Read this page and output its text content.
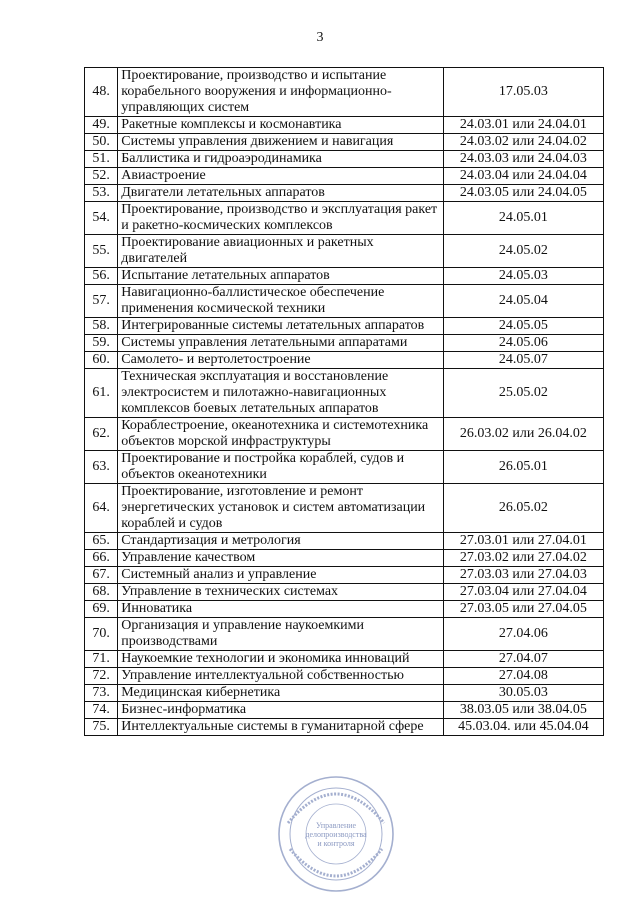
3
48.	Проектирование, производство и испытание корабельного вооружения и информационно-управляющих систем	17.05.03
49.	Ракетные комплексы и космонавтика	24.03.01 или 24.04.01
50.	Системы управления движением и навигация	24.03.02 или 24.04.02
51.	Баллистика и гидроаэродинамика	24.03.03 или 24.04.03
52.	Авиастроение	24.03.04 или 24.04.04
53.	Двигатели летательных аппаратов	24.03.05 или 24.04.05
54.	Проектирование, производство и эксплуатация ракет и ракетно-космических комплексов	24.05.01
55.	Проектирование авиационных и ракетных двигателей	24.05.02
56.	Испытание летательных аппаратов	24.05.03
57.	Навигационно-баллистическое обеспечение применения космической техники	24.05.04
58.	Интегрированные системы летательных аппаратов	24.05.05
59.	Системы управления летательными аппаратами	24.05.06
60.	Самолето- и вертолетостроение	24.05.07
61.	Техническая эксплуатация и восстановление электросистем и пилотажно-навигационных комплексов боевых летательных аппаратов	25.05.02
62.	Кораблестроение, океанотехника и системотехника объектов морской инфраструктуры	26.03.02 или 26.04.02
63.	Проектирование и постройка кораблей, судов и объектов океанотехники	26.05.01
64.	Проектирование, изготовление и ремонт энергетических установок и систем автоматизации кораблей и судов	26.05.02
65.	Стандартизация и метрология	27.03.01 или 27.04.01
66.	Управление качеством	27.03.02 или 27.04.02
67.	Системный анализ и управление	27.03.03 или 27.04.03
68.	Управление в технических системах	27.03.04 или 27.04.04
69.	Инноватика	27.03.05 или 27.04.05
70.	Организация и управление наукоемкими производствами	27.04.06
71.	Наукоемкие технологии и экономика инноваций	27.04.07
72.	Управление интеллектуальной собственностью	27.04.08
73.	Медицинская кибернетика	30.05.03
74.	Бизнес-информатика	38.03.05 или 38.04.05
75.	Интеллектуальные системы в гуманитарной сфере	45.03.04. или 45.04.04
Управление
делопроизводства
и контроля
